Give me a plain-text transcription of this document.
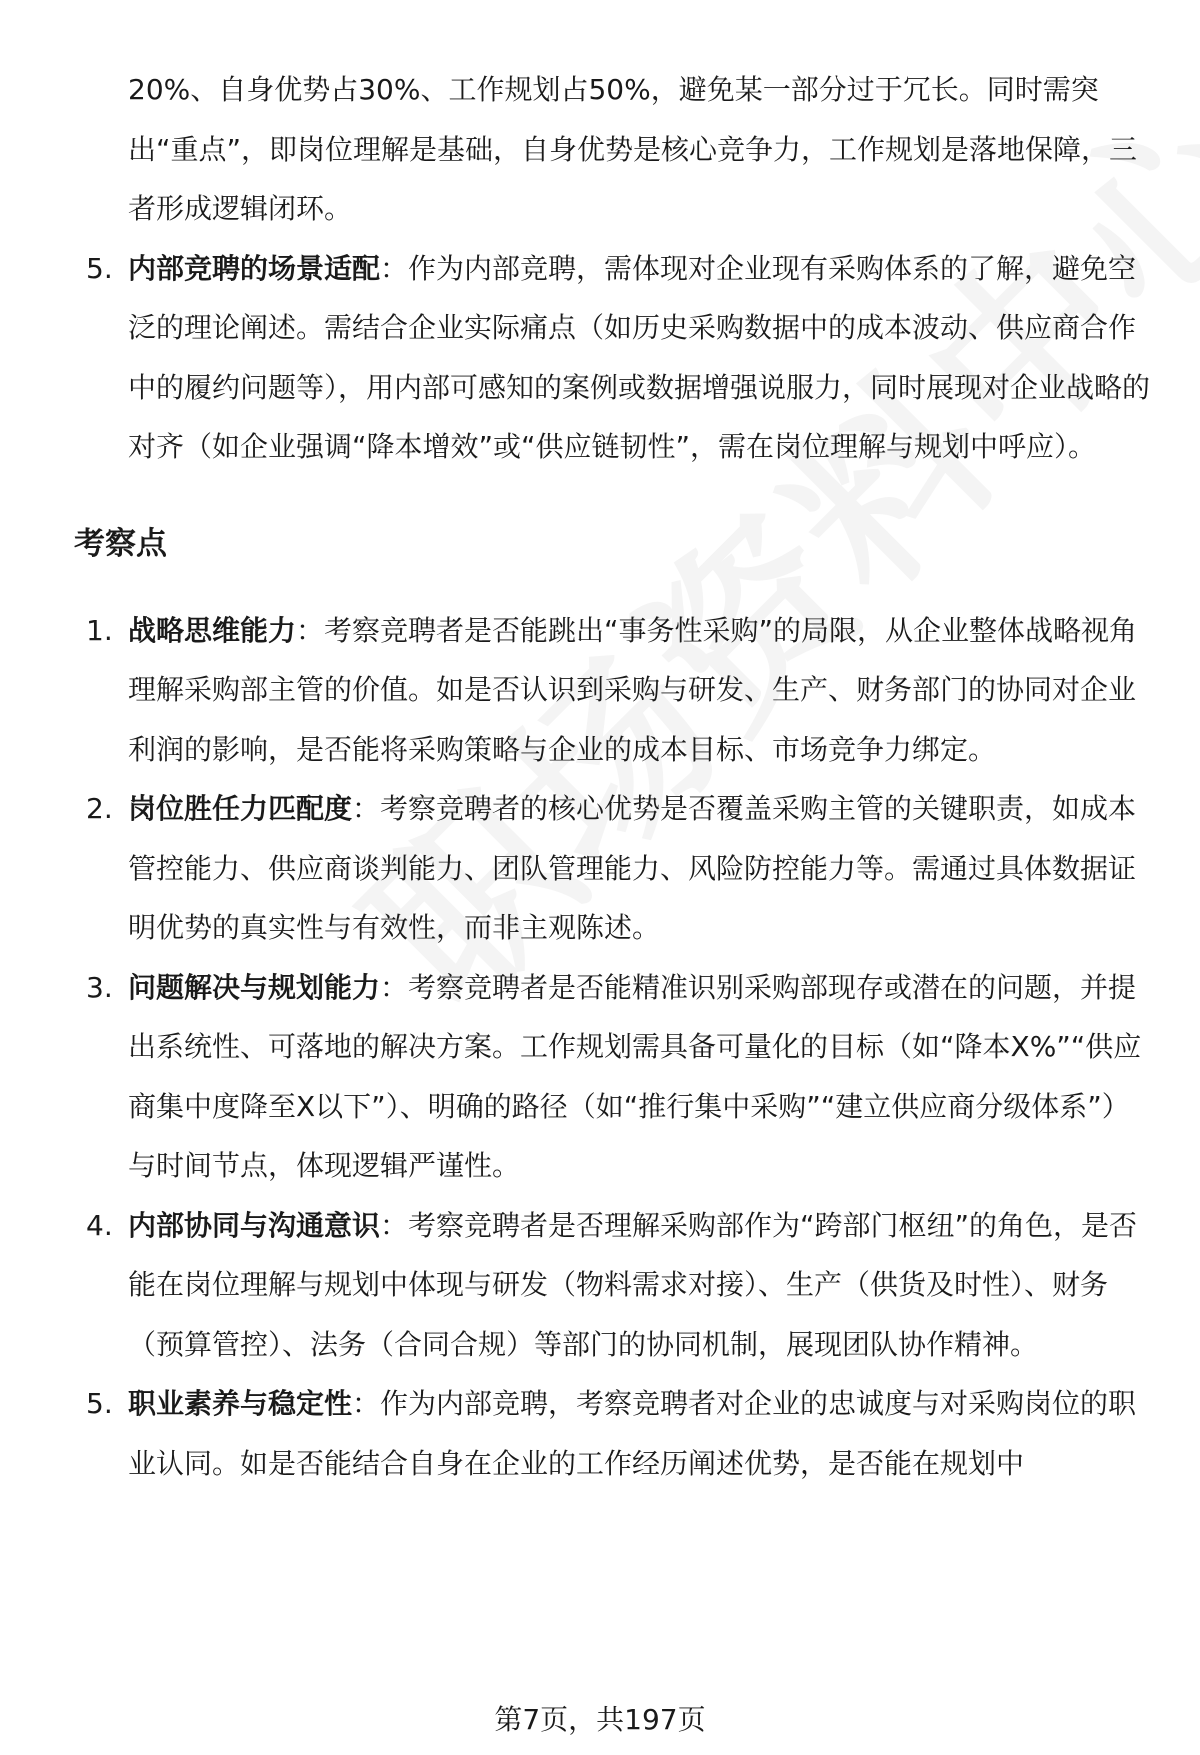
20%、自身优势占30%、工作规划占50%，避免某一部分过于冗长。同时需突出“重点”，即岗位理解是基础，自身优势是核心竞争力，工作规划是落地保障，三者形成逻辑闭环。
5. 内部竞聘的场景适配：作为内部竞聘，需体现对企业现有采购体系的了解，避免空泛的理论阐述。需结合企业实际痛点（如历史采购数据中的成本波动、供应商合作中的履约问题等），用内部可感知的案例或数据增强说服力，同时展现对企业战略的对齐（如企业强调“降本增效”或“供应链韧性”，需在岗位理解与规划中呼应）。
考察点
1. 战略思维能力：考察竞聘者是否能跳出“事务性采购”的局限，从企业整体战略视角理解采购部主管的价值。如是否认识到采购与研发、生产、财务部门的协同对企业利润的影响，是否能将采购策略与企业的成本目标、市场竞争力绑定。
2. 岗位胜任力匹配度：考察竞聘者的核心优势是否覆盖采购主管的关键职责，如成本管控能力、供应商谈判能力、团队管理能力、风险防控能力等。需通过具体数据证明优势的真实性与有效性，而非主观陈述。
3. 问题解决与规划能力：考察竞聘者是否能精准识别采购部现存或潜在的问题，并提出系统性、可落地的解决方案。工作规划需具备可量化的目标（如“降本X%”“供应商集中度降至X以下”）、明确的路径（如“推行集中采购”“建立供应商分级体系”）与时间节点，体现逻辑严谨性。
4. 内部协同与沟通意识：考察竞聘者是否理解采购部作为“跨部门枢纽”的角色，是否能在岗位理解与规划中体现与研发（物料需求对接）、生产（供货及时性）、财务（预算管控）、法务（合同合规）等部门的协同机制，展现团队协作精神。
5. 职业素养与稳定性：作为内部竞聘，考察竞聘者对企业的忠诚度与对采购岗位的职业认同。如是否能结合自身在企业的工作经历阐述优势，是否能在规划中
第7页，共197页
